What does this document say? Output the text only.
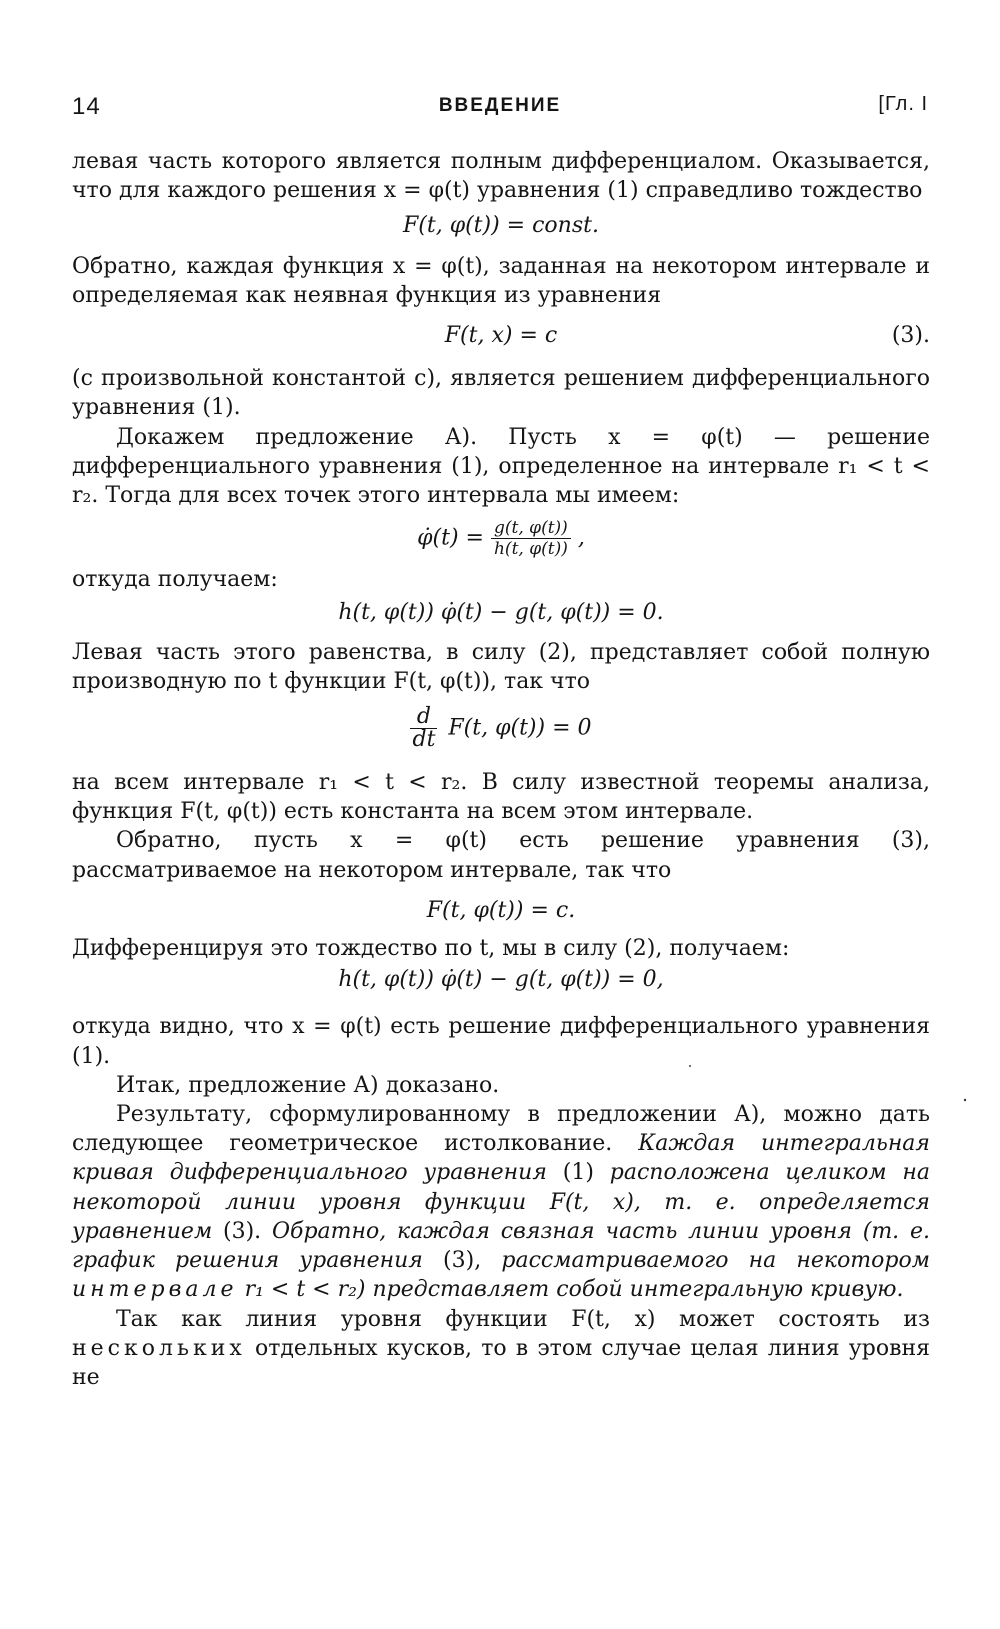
14	ВВЕДЕНИЕ	[Гл. I

левая часть которого является полным дифференциалом. Оказывается, что для каждого решения x = φ(t) уравнения (1) справедливо тождество

F(t, φ(t)) = const.

Обратно, каждая функция x = φ(t), заданная на некотором интервале и определяемая как неявная функция из уравнения

F(t, x) = c	(3).

(с произвольной константой c), является решением дифференциального уравнения (1).

Докажем предложение А). Пусть x = φ(t) — решение дифференциального уравнения (1), определенное на интервале r₁ < t < r₂. Тогда для всех точек этого интервала мы имеем:

φ̇(t) = $\frac{g(t, \varphi(t))}{h(t, \varphi(t))}$ ,

откуда получаем:

h(t, φ(t)) φ̇(t) − g(t, φ(t)) = 0.

Левая часть этого равенства, в силу (2), представляет собой полную производную по t функции F(t, φ(t)), так что

$\frac{d}{dt} F(t$, φ(t)) = 0

на всем интервале r₁ < t < r₂. В силу известной теоремы анализа, функция F(t, φ(t)) есть константа на всем этом интервале.

Обратно, пусть x = φ(t) есть решение уравнения (3), рассматриваемое на некотором интервале, так что

F(t, φ(t)) = c.

Дифференцируя это тождество по t, мы в силу (2), получаем:

h(t, φ(t)) φ̇(t) − g(t, φ(t)) = 0,

откуда видно, что x = φ(t) есть решение дифференциального уравнения (1).

Итак, предложение А) доказано.

Результату, сформулированному в предложении А), можно дать следующее геометрическое истолкование. Каждая интегральная кривая дифференциального уравнения (1) расположена целиком на некоторой линии уровня функции F(t, x), т. е. определяется уравнением (3). Обратно, каждая связная часть линии уровня (т. е. график решения уравнения (3), рассматриваемого на некотором интервале r₁ < t < r₂) представляет собой интегральную кривую.

Так как линия уровня функции F(t, x) может состоять из нескольких отдельных кусков, то в этом случае целая линия уровня не
